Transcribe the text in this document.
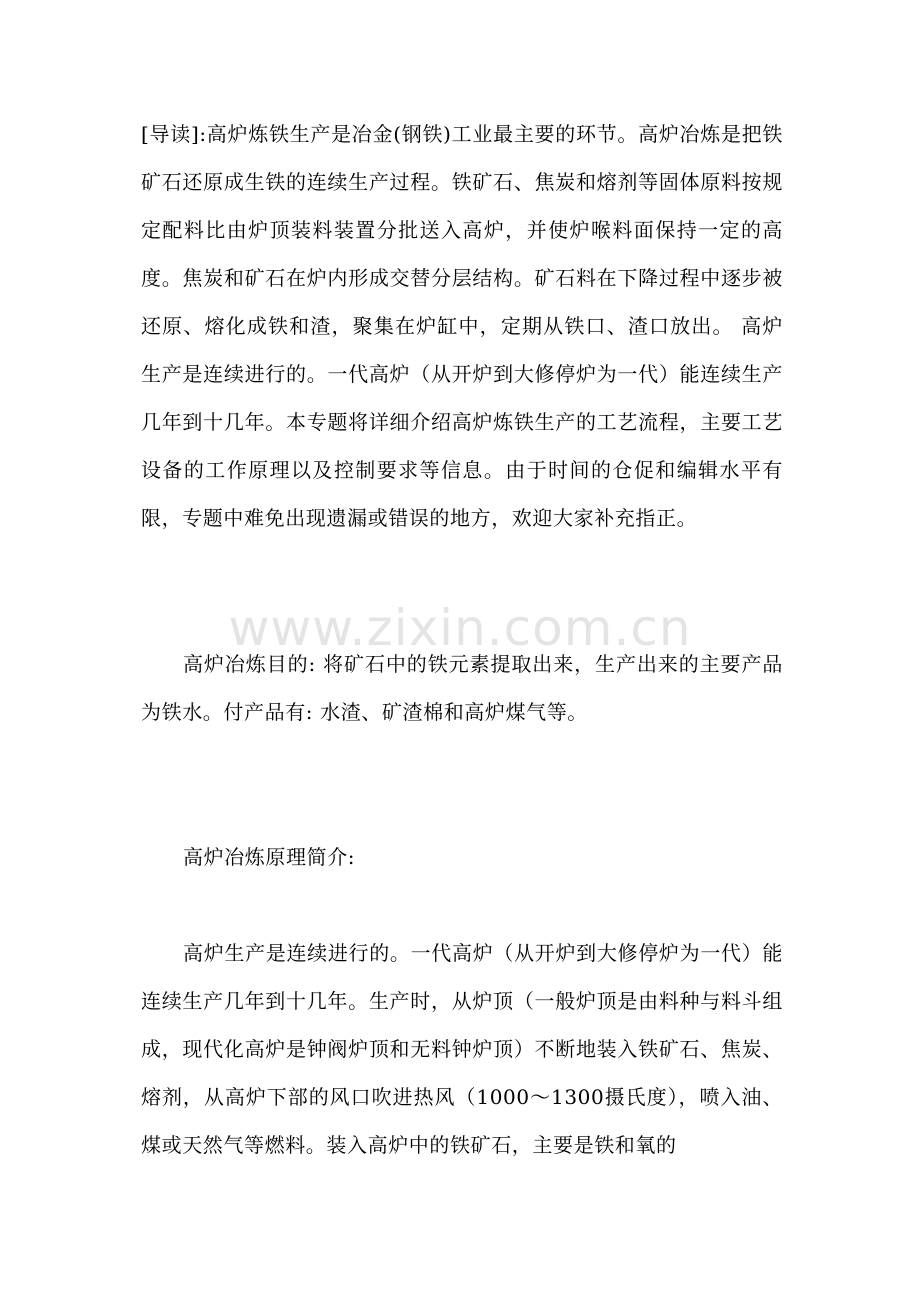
[导读]:高炉炼铁生产是冶金(钢铁)工业最主要的环节。高炉冶炼是把铁矿石还原成生铁的连续生产过程。铁矿石、焦炭和熔剂等固体原料按规定配料比由炉顶装料装置分批送入高炉，并使炉喉料面保持一定的高度。焦炭和矿石在炉内形成交替分层结构。矿石料在下降过程中逐步被还原、熔化成铁和渣，聚集在炉缸中，定期从铁口、渣口放出。 高炉生产是连续进行的。一代高炉（从开炉到大修停炉为一代）能连续生产几年到十几年。本专题将详细介绍高炉炼铁生产的工艺流程，主要工艺设备的工作原理以及控制要求等信息。由于时间的仓促和编辑水平有限，专题中难免出现遗漏或错误的地方，欢迎大家补充指正。

www.zixin.com.cn

高炉冶炼目的: 将矿石中的铁元素提取出来，生产出来的主要产品为铁水。付产品有: 水渣、矿渣棉和高炉煤气等。

高炉冶炼原理简介:

高炉生产是连续进行的。一代高炉（从开炉到大修停炉为一代）能连续生产几年到十几年。生产时，从炉顶（一般炉顶是由料种与料斗组成，现代化高炉是钟阀炉顶和无料钟炉顶）不断地装入铁矿石、焦炭、熔剂，从高炉下部的风口吹进热风（1000～1300摄氏度），喷入油、煤或天然气等燃料。装入高炉中的铁矿石，主要是铁和氧的
